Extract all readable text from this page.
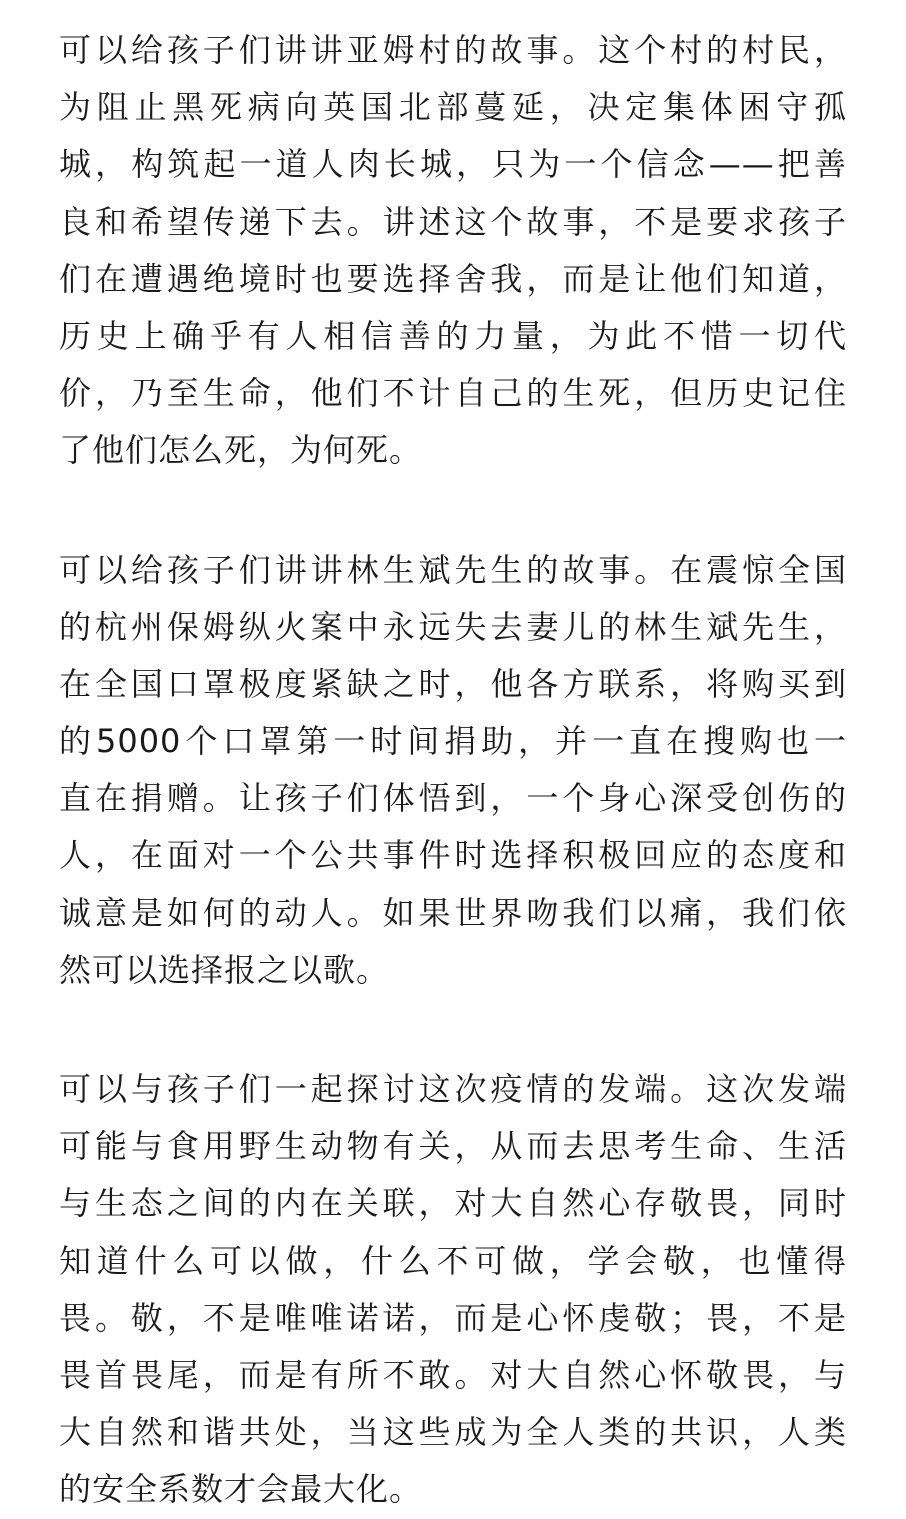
可以给孩子们讲讲亚姆村的故事。这个村的村民，
为阻止黑死病向英国北部蔓延，决定集体困守孤
城，构筑起一道人肉长城，只为一个信念——把善
良和希望传递下去。讲述这个故事，不是要求孩子
们在遭遇绝境时也要选择舍我，而是让他们知道，
历史上确乎有人相信善的力量，为此不惜一切代
价，乃至生命，他们不计自己的生死，但历史记住
了他们怎么死，为何死。

可以给孩子们讲讲林生斌先生的故事。在震惊全国
的杭州保姆纵火案中永远失去妻儿的林生斌先生，
在全国口罩极度紧缺之时，他各方联系，将购买到
的5000个口罩第一时间捐助，并一直在搜购也一
直在捐赠。让孩子们体悟到，一个身心深受创伤的
人，在面对一个公共事件时选择积极回应的态度和
诚意是如何的动人。如果世界吻我们以痛，我们依
然可以选择报之以歌。

可以与孩子们一起探讨这次疫情的发端。这次发端
可能与食用野生动物有关，从而去思考生命、生活
与生态之间的内在关联，对大自然心存敬畏，同时
知道什么可以做，什么不可做，学会敬，也懂得
畏。敬，不是唯唯诺诺，而是心怀虔敬；畏，不是
畏首畏尾，而是有所不敢。对大自然心怀敬畏，与
大自然和谐共处，当这些成为全人类的共识，人类
的安全系数才会最大化。
